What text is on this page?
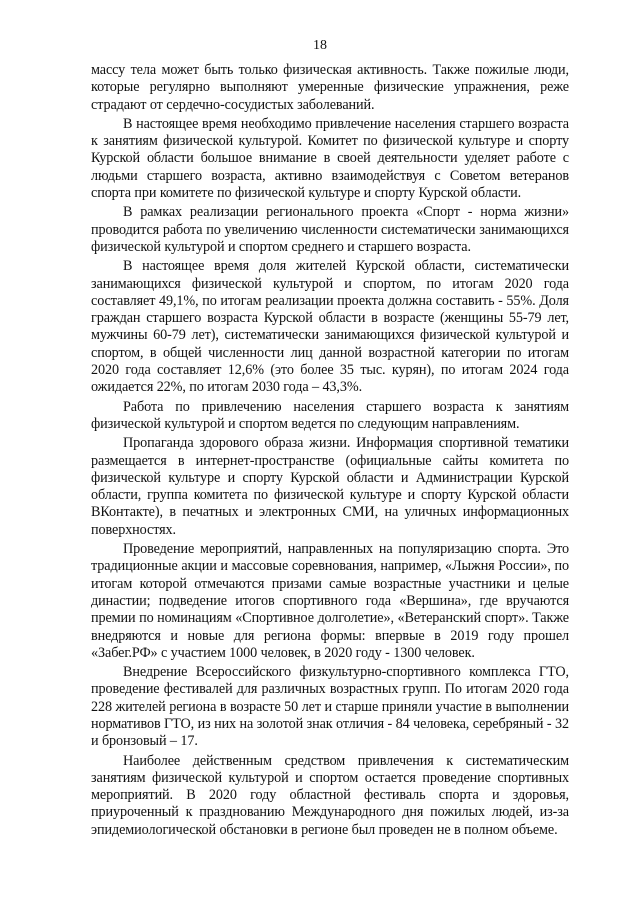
18

массу тела может быть только физическая активность. Также пожилые люди, которые регулярно выполняют умеренные физические упражнения, реже страдают от сердечно-сосудистых заболеваний.

В настоящее время необходимо привлечение населения старшего возраста к занятиям физической культурой. Комитет по физической культуре и спорту Курской области большое внимание в своей деятельности уделяет работе с людьми старшего возраста, активно взаимодействуя с Советом ветеранов спорта при комитете по физической культуре и спорту Курской области.

В рамках реализации регионального проекта «Спорт - норма жизни» проводится работа по увеличению численности систематически занимающихся физической культурой и спортом среднего и старшего возраста.

В настоящее время доля жителей Курской области, систематически занимающихся физической культурой и спортом, по итогам 2020 года составляет 49,1%, по итогам реализации проекта должна составить - 55%. Доля граждан старшего возраста Курской области в возрасте (женщины 55-79 лет, мужчины 60-79 лет), систематически занимающихся физической культурой и спортом, в общей численности лиц данной возрастной категории по итогам 2020 года составляет 12,6% (это более 35 тыс. курян), по итогам 2024 года ожидается 22%, по итогам 2030 года – 43,3%.

Работа по привлечению населения старшего возраста к занятиям физической культурой и спортом ведется по следующим направлениям.

Пропаганда здорового образа жизни. Информация спортивной тематики размещается в интернет-пространстве (официальные сайты комитета по физической культуре и спорту Курской области и Администрации Курской области, группа комитета по физической культуре и спорту Курской области ВКонтакте), в печатных и электронных СМИ, на уличных информационных поверхностях.

Проведение мероприятий, направленных на популяризацию спорта. Это традиционные акции и массовые соревнования, например, «Лыжня России», по итогам которой отмечаются призами самые возрастные участники и целые династии; подведение итогов спортивного года «Вершина», где вручаются премии по номинациям «Спортивное долголетие», «Ветеранский спорт». Также внедряются и новые для региона формы: впервые в 2019 году прошел «Забег.РФ» с участием 1000 человек, в 2020 году - 1300 человек.

Внедрение Всероссийского физкультурно-спортивного комплекса ГТО, проведение фестивалей для различных возрастных групп. По итогам 2020 года 228 жителей региона в возрасте 50 лет и старше приняли участие в выполнении нормативов ГТО, из них на золотой знак отличия - 84 человека, серебряный - 32 и бронзовый – 17.

Наиболее действенным средством привлечения к систематическим занятиям физической культурой и спортом остается проведение спортивных мероприятий. В 2020 году областной фестиваль спорта и здоровья, приуроченный к празднованию Международного дня пожилых людей, из-за эпидемиологической обстановки в регионе был проведен не в полном объеме.
